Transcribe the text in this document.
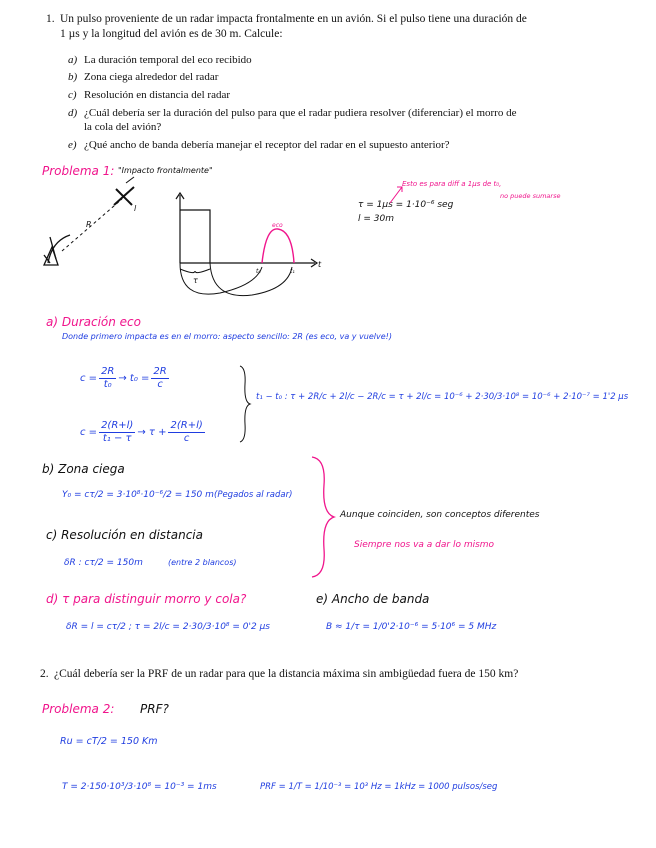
1. Un pulso proveniente de un radar impacta frontalmente en un avión. Si el pulso tiene una duración de
1 µs y la longitud del avión es de 30 m. Calcule:
a) La duración temporal del eco recibido
b) Zona ciega alrededor del radar
c) Resolución en distancia del radar
d) ¿Cuál debería ser la duración del pulso para que el radar pudiera resolver (diferenciar) el morro de
la cola del avión?
e) ¿Qué ancho de banda debería manejar el receptor del radar en el supuesto anterior?
Problema 1: "Impacto frontalmente"
R
l
eco
τ
t₀	t₁
t
Esto es para diff a 1µs de t₀,
no puede sumarse
τ = 1µs = 1·10⁻⁶ seg
l = 30m
a) Duración eco
Donde primero impacta es en el morro: aspecto sencillo: 2R (es eco, va y vuelve!)
$c = \frac{2R}{\text{t₀}} \to t_0 = \frac{2R}{c}$
$c = \frac{2(R+l)}{\text{t₁ − τ}} \to \tau + \frac{2(R+l)}{c}$
t₁ − t₀ : τ + 2R/c + 2l/c − 2R/c = τ + 2l/c = 10⁻⁶ + 2·30/3·10⁸ = 10⁻⁶ + 2·10⁻⁷ = 1'2 µs
b) Zona ciega
Y₀ = cτ/2 = 3·10⁸·10⁻⁶/2 = 150 m (Pegados al radar)
c) Resolución en distancia
δR : cτ/2 = 150m	(entre 2 blancos)
Aunque coinciden, son conceptos diferentes
Siempre nos va a dar lo mismo
d) τ para distinguir morro y cola?
δR = l = cτ/2 ; τ = 2l/c = 2·30/3·10⁸ = 0'2 µs
e) Ancho de banda
B ≈ 1/τ = 1/0'2·10⁻⁶ = 5·10⁶ = 5 MHz
2. ¿Cuál debería ser la PRF de un radar para que la distancia máxima sin ambigüedad fuera de 150 km?
Problema 2: PRF?
Ru = cT/2 = 150 Km
T = 2·150·10³/3·10⁸ = 10⁻³ = 1ms	PRF = 1/T = 1/10⁻³ = 10³ Hz = 1kHz = 1000 pulsos/seg
